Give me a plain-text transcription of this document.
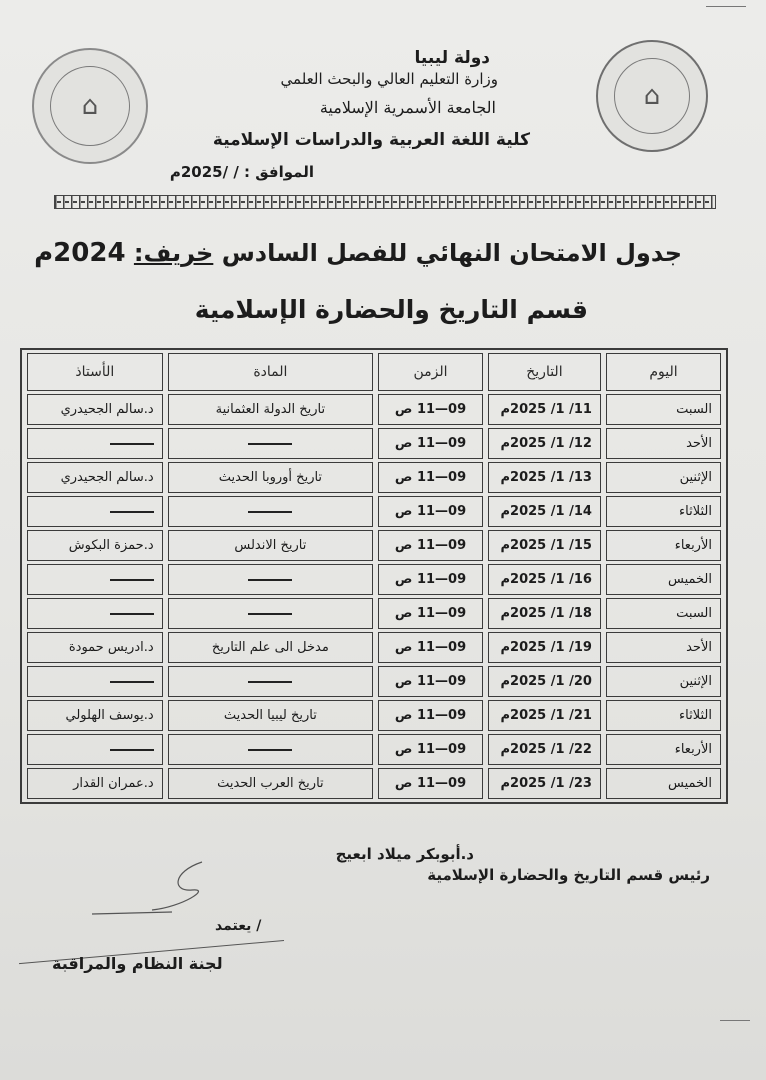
⌂
⌂
دولة ليبيا
وزارة التعليم العالي والبحث العلمي
الجامعة الأسمرية الإسلامية
كلية اللغة العربية والدراسات الإسلامية
الموافق : / /2025م
جدول الامتحان النهائي للفصل السادس خريف: 2024م
قسم التاريخ والحضارة الإسلامية
اليوم	التاريخ	الزمن	المادة	الأستاذ
السبت	11/ 1/ 2025م	09—11 ص	تاريخ الدولة العثمانية	د.سالم الجحيدري
الأحد	12/ 1/ 2025م	09—11 ص		
الإثنين	13/ 1/ 2025م	09—11 ص	تاريخ أوروبا الحديث	د.سالم الجحيدري
الثلاثاء	14/ 1/ 2025م	09—11 ص		
الأربعاء	15/ 1/ 2025م	09—11 ص	تاريخ الاندلس	د.حمزة البكوش
الخميس	16/ 1/ 2025م	09—11 ص		
السبت	18/ 1/ 2025م	09—11 ص		
الأحد	19/ 1/ 2025م	09—11 ص	مدخل الى علم التاريخ	د.ادريس حمودة
الإثنين	20/ 1/ 2025م	09—11 ص		
الثلاثاء	21/ 1/ 2025م	09—11 ص	تاريخ ليبيا الحديث	د.يوسف الهلولي
الأربعاء	22/ 1/ 2025م	09—11 ص		
الخميس	23/ 1/ 2025م	09—11 ص	تاريخ العرب الحديث	د.عمران القدار
د.أبوبكر ميلاد ابعيج
رئيس قسم التاريخ والحضارة الإسلامية
يعتمد /
لجنة النظام والمراقبة
